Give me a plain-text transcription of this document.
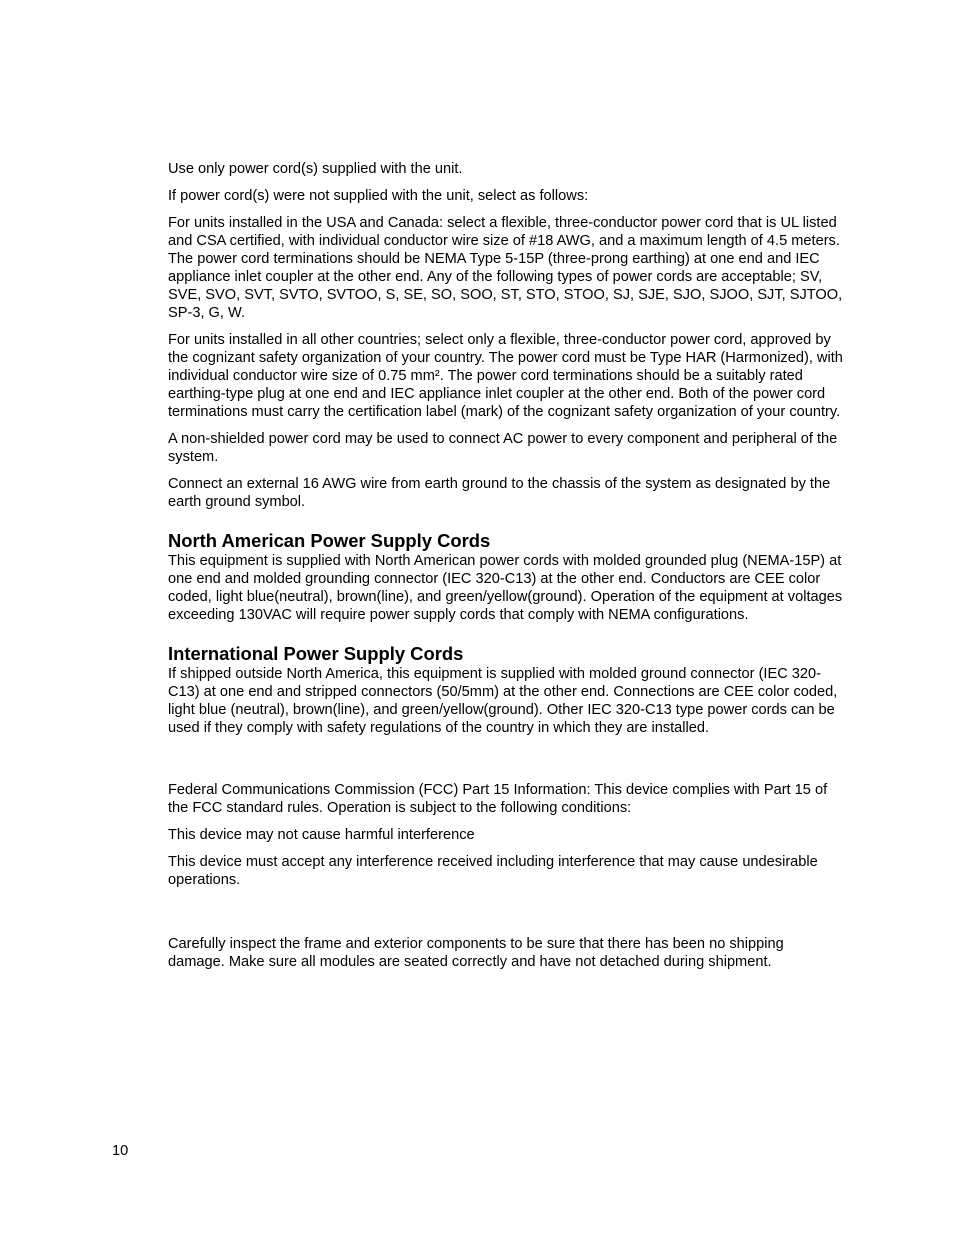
Use only power cord(s) supplied with the unit.

If power cord(s) were not supplied with the unit, select as follows:

For units installed in the USA and Canada: select a flexible, three-conductor power cord that is UL listed and CSA certified, with individual conductor wire size of #18 AWG, and a maximum length of 4.5 meters. The power cord terminations should be NEMA Type 5-15P (three-prong earthing) at one end and IEC appliance inlet coupler at the other end. Any of the following types of power cords are acceptable; SV, SVE, SVO, SVT, SVTO, SVTOO, S, SE, SO, SOO, ST, STO, STOO, SJ, SJE, SJO, SJOO, SJT, SJTOO, SP-3, G, W.

For units installed in all other countries; select only a flexible, three-conductor power cord, approved by the cognizant safety organization of your country. The power cord must be Type HAR (Harmonized), with individual conductor wire size of 0.75 mm². The power cord terminations should be a suitably rated earthing-type plug at one end and IEC appliance inlet coupler at the other end. Both of the power cord terminations must carry the certification label (mark) of the cognizant safety organization of your country.

A non-shielded power cord may be used to connect AC power to every component and peripheral of the system.

Connect an external 16 AWG wire from earth ground to the chassis of the system as designated by the earth ground symbol.

North American Power Supply Cords

This equipment is supplied with North American power cords with molded grounded plug (NEMA-15P) at one end and molded grounding connector (IEC 320-C13) at the other end. Conductors are CEE color coded, light blue(neutral), brown(line), and green/yellow(ground). Operation of the equipment at voltages exceeding 130VAC will require power supply cords that comply with NEMA configurations.

International Power Supply Cords

If shipped outside North America, this equipment is supplied with molded ground connector (IEC 320-C13) at one end and stripped connectors (50/5mm) at the other end. Connections are CEE color coded, light blue (neutral), brown(line), and green/yellow(ground). Other IEC 320-C13 type power cords can be used if they comply with safety regulations of the country in which they are installed.

Federal Communications Commission (FCC) Part 15 Information: This device complies with Part 15 of the FCC standard rules. Operation is subject to the following conditions:

This device may not cause harmful interference

This device must accept any interference received including interference that may cause undesirable operations.

Carefully inspect the frame and exterior components to be sure that there has been no shipping damage. Make sure all modules are seated correctly and have not detached during shipment.

10
